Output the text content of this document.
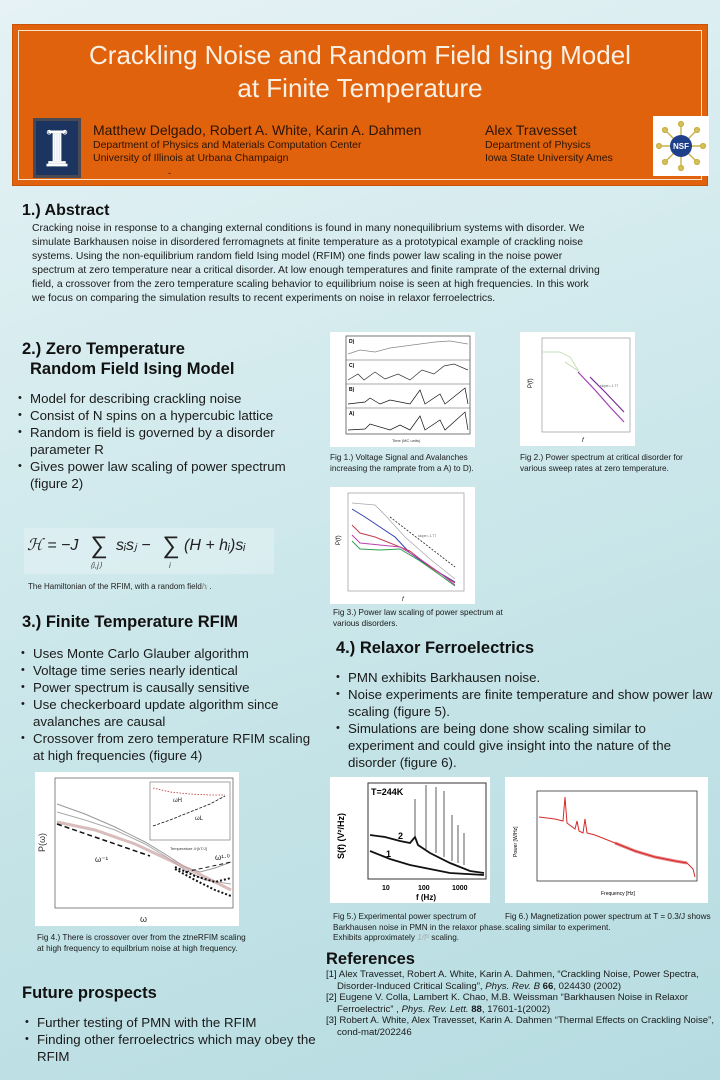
Crackling Noise and Random Field Ising Model
at Finite Temperature
Matthew Delgado, Robert A. White, Karin A. Dahmen
Department of Physics and Materials Computation Center
University of Illinois at Urbana Champaign
Alex Travesset
Department of Physics
Iowa State University Ames
NSF
-
1.) Abstract
Cracking noise in response to a changing external conditions is found in many nonequilibrium systems with disorder. We simulate Barkhausen noise in disordered ferromagnets at finite temperature as a prototypical example of crackling noise systems. Using the non-equilibrium random field Ising model (RFIM) one finds power law scaling in the noise power spectrum at zero temperature near a critical disorder. At low enough temperatures and finite ramprate of the external driving field, a crossover from the zero temperature scaling behavior to equilibrium noise is seen at high frequencies. In this work we focus on comparing the simulation results to recent experiments on noise in relaxor ferroelectrics.
2.) Zero Temperature
Random Field Ising Model
• Model for describing crackling noise
• Consist of N spins on a hypercubic lattice
• Random is field is governed by a disorder parameter R
• Gives power law scaling of power spectrum (figure 2)
ℋ = −J ∑
⟨i,j⟩
sᵢsⱼ − ∑
i
(H + hᵢ)sᵢ
The Hamiltonian of the RFIM, with a random fieldhᵢ .
3.) Finite Temperature RFIM
• Uses Monte Carlo Glauber algorithm
• Voltage time series nearly identical
• Power spectrum is causally sensitive
• Use checkerboard update algorithm since avalanches are causal
• Crossover from zero temperature RFIM scaling at high frequencies (figure 4)
P(ω)
ω
ω⁻¹	ω¹·⁰
ωH
ωL
Temperature 4·[kT/J]
Fig 4.) There is crossover over from the ztneRFIM scaling at high frequency to equilbrium noise at high frequency.
Future prospects
• Further testing of PMN with the RFIM
• Finding other ferroelectrics which may obey the RFIM
D)
C)
B)
A)
Time (MC units)
Fig 1.) Voltage Signal and Avalanches increasing the ramprate from a A) to D).
P(f)
f
slope≈-1.77
Fig 2.) Power spectrum at critical disorder for various sweep rates at zero temperature.
P(f)
f
slope≈-1.77
Fig 3.) Power law scaling of power spectrum at various disorders.
4.) Relaxor Ferroelectrics
• PMN exhibits Barkhausen noise.
• Noise experiments are finite temperature and show power law scaling (figure 5).
• Simulations are being done show scaling similar to experiment and could give insight into the nature of the disorder (figure 6).
S(f) (V²/Hz)
T=244K
2
1
10	100	1000
f (Hz)
Fig 5.) Experimental power spectrum of Barkhausen noise in PMN in the relaxor phase. Exhibits approximately 1/f² scaling.
Power [W/Hz]
Frequency [Hz]
Fig 6.) Magnetization power spectrum at T = 0.3/J shows scaling similar to experiment.
References
[1] Alex Travesset, Robert A. White, Karin A. Dahmen, “Crackling Noise, Power Spectra, Disorder-Induced Critical Scaling”, Phys. Rev. B 66, 024430 (2002)
[2] Eugene V. Colla, Lambert K. Chao, M.B. Weissman “Barkhausen Noise in Relaxor Ferroelectric” , Phys. Rev. Lett. 88, 17601-1(2002)
[3] Robert A. White, Alex Travesset, Karin A. Dahmen “Thermal Effects on Crackling Noise”, cond-mat/202246
